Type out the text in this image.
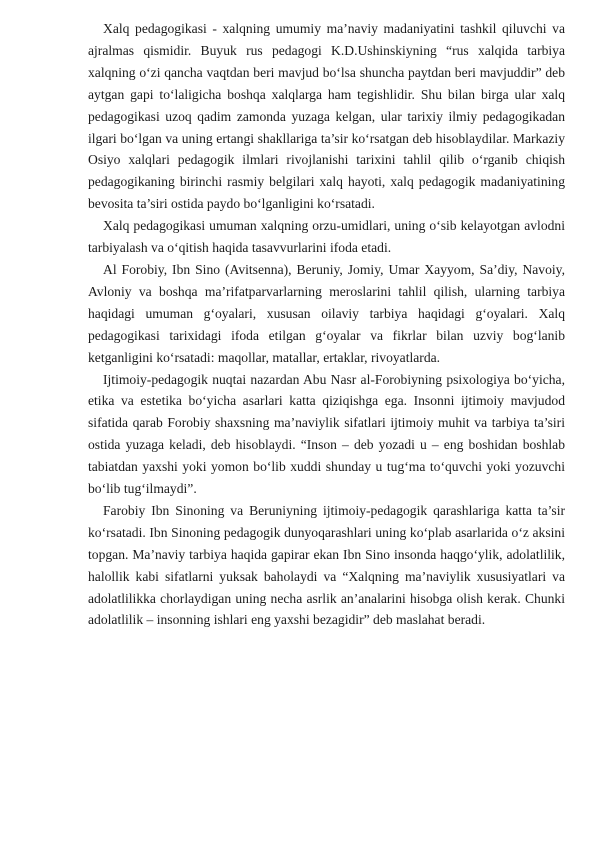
Xalq pedagogikasi - xalqning umumiy ma’naviy madaniyatini tashkil qiluvchi va ajralmas qismidir. Buyuk rus pedagogi K.D.Ushinskiyning “rus xalqida tarbiya xalqning o‘zi qancha vaqtdan beri mavjud bo‘lsa shuncha paytdan beri mavjuddir” deb aytgan gapi to‘laligicha boshqa xalqlarga ham tegishlidir. Shu bilan birga ular xalq pedagogikasi uzoq qadim zamonda yuzaga kelgan, ular tarixiy ilmiy pedagogikadan ilgari bo‘lgan va uning ertangi shakllariga ta’sir ko‘rsatgan deb hisoblaydilar. Markaziy Osiyo xalqlari pedagogik ilmlari rivojlanishi tarixini tahlil qilib o‘rganib chiqish pedagogikaning birinchi rasmiy belgilari xalq hayoti, xalq pedagogik madaniyatining bevosita ta’siri ostida paydo bo‘lganligini ko‘rsatadi.

Xalq pedagogikasi umuman xalqning orzu-umidlari, uning o‘sib kelayotgan avlodni tarbiyalash va o‘qitish haqida tasavvurlarini ifoda etadi.

Al Forobiy, Ibn Sino (Avitsenna), Beruniy, Jomiy, Umar Xayyom, Sa’diy, Navoiy, Avloniy va boshqa ma’rifatparvarlarning meroslarini tahlil qilish, ularning tarbiya haqidagi umuman g‘oyalari, xususan oilaviy tarbiya haqidagi g‘oyalari. Xalq pedagogikasi tarixidagi ifoda etilgan g‘oyalar va fikrlar bilan uzviy bog‘lanib ketganligini ko‘rsatadi: maqollar, matallar, ertaklar, rivoyatlarda.

Ijtimoiy-pedagogik nuqtai nazardan Abu Nasr al-Forobiyning psixologiya bo‘yicha, etika va estetika bo‘yicha asarlari katta qiziqishga ega. Insonni ijtimoiy mavjudod sifatida qarab Forobiy shaxsning ma’naviylik sifatlari ijtimoiy muhit va tarbiya ta’siri ostida yuzaga keladi, deb hisoblaydi. “Inson – deb yozadi u – eng boshidan boshlab tabiatdan yaxshi yoki yomon bo‘lib xuddi shunday u tug‘ma to‘quvchi yoki yozuvchi bo‘lib tug‘ilmaydi”.

Farobiy Ibn Sinoning va Beruniyning ijtimoiy-pedagogik qarashlariga katta ta’sir ko‘rsatadi. Ibn Sinoning pedagogik dunyoqarashlari uning ko‘plab asarlarida o‘z aksini topgan. Ma’naviy tarbiya haqida gapirar ekan Ibn Sino insonda haqgo‘ylik, adolatlilik, halollik kabi sifatlarni yuksak baholaydi va “Xalqning ma’naviylik xususiyatlari va adolatlilikka chorlaydigan uning necha asrlik an’analarini hisobga olish kerak. Chunki adolatlilik – insonning ishlari eng yaxshi bezagidir” deb maslahat beradi.
